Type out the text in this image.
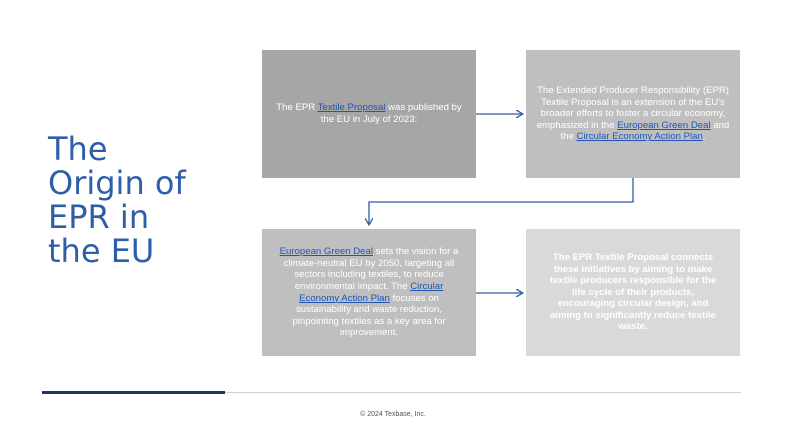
The
Origin of
EPR in
the EU

The EPR Textile Proposal was published by the EU in July of 2023:

The Extended Producer Responsibility (EPR) Textile Proposal is an extension of the EU's broader efforts to foster a circular economy, emphasized in the European Green Deal and the Circular Economy Action Plan.

European Green Deal sets the vision for a climate-neutral EU by 2050, targeting all sectors including textiles, to reduce environmental impact. The Circular Economy Action Plan focuses on sustainability and waste reduction, pinpointing textiles as a key area for improvement.

The EPR Textile Proposal connects these initiatives by aiming to make textile producers responsible for the life cycle of their products, encouraging circular design, and aiming to significantly reduce textile waste.

© 2024 Texbase, Inc.
